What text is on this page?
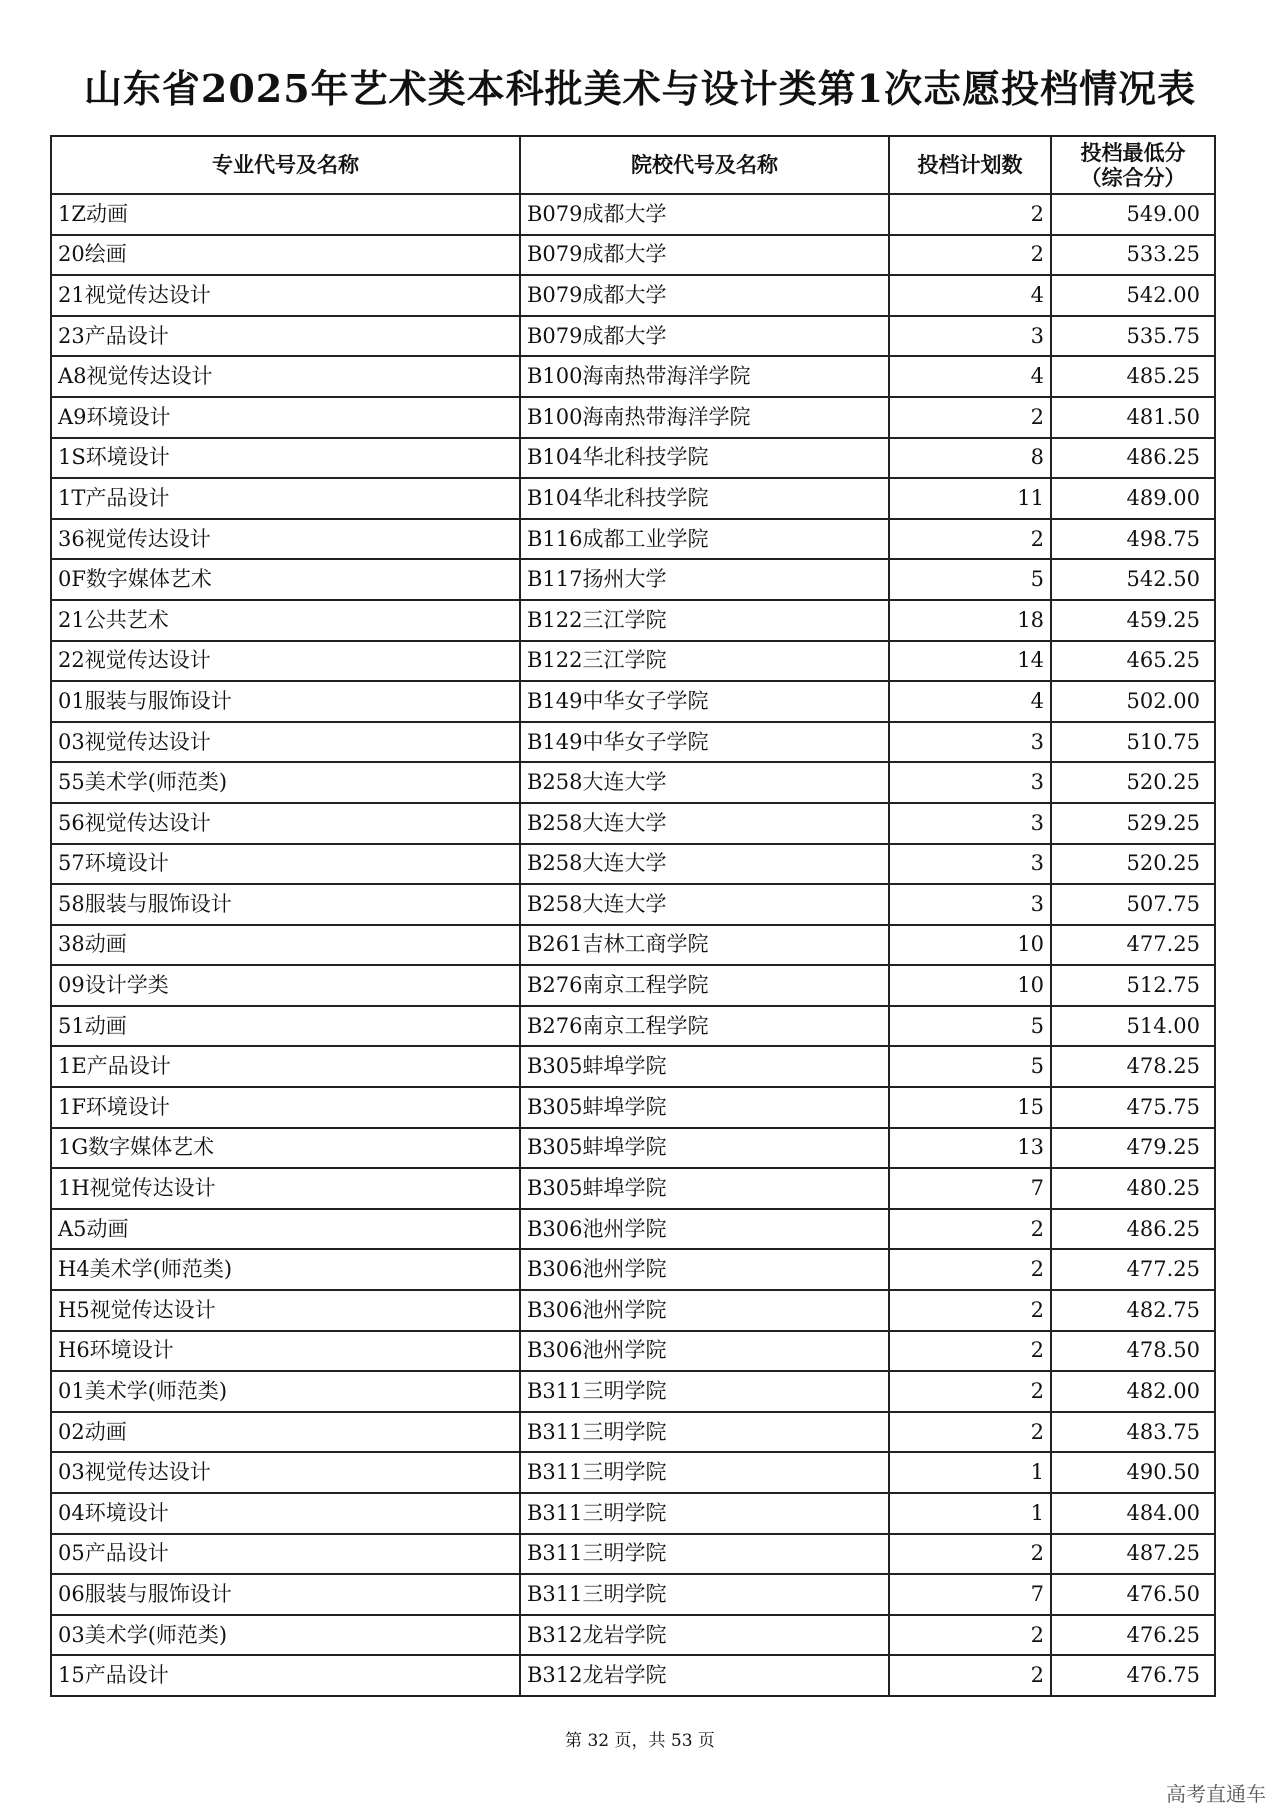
山东省2025年艺术类本科批美术与设计类第1次志愿投档情况表
专业代号及名称	院校代号及名称	投档计划数	投档最低分
（综合分）

1Z动画	B079成都大学	2	549.00
20绘画	B079成都大学	2	533.25
21视觉传达设计	B079成都大学	4	542.00
23产品设计	B079成都大学	3	535.75
A8视觉传达设计	B100海南热带海洋学院	4	485.25
A9环境设计	B100海南热带海洋学院	2	481.50
1S环境设计	B104华北科技学院	8	486.25
1T产品设计	B104华北科技学院	11	489.00
36视觉传达设计	B116成都工业学院	2	498.75
0F数字媒体艺术	B117扬州大学	5	542.50
21公共艺术	B122三江学院	18	459.25
22视觉传达设计	B122三江学院	14	465.25
01服装与服饰设计	B149中华女子学院	4	502.00
03视觉传达设计	B149中华女子学院	3	510.75
55美术学(师范类)	B258大连大学	3	520.25
56视觉传达设计	B258大连大学	3	529.25
57环境设计	B258大连大学	3	520.25
58服装与服饰设计	B258大连大学	3	507.75
38动画	B261吉林工商学院	10	477.25
09设计学类	B276南京工程学院	10	512.75
51动画	B276南京工程学院	5	514.00
1E产品设计	B305蚌埠学院	5	478.25
1F环境设计	B305蚌埠学院	15	475.75
1G数字媒体艺术	B305蚌埠学院	13	479.25
1H视觉传达设计	B305蚌埠学院	7	480.25
A5动画	B306池州学院	2	486.25
H4美术学(师范类)	B306池州学院	2	477.25
H5视觉传达设计	B306池州学院	2	482.75
H6环境设计	B306池州学院	2	478.50
01美术学(师范类)	B311三明学院	2	482.00
02动画	B311三明学院	2	483.75
03视觉传达设计	B311三明学院	1	490.50
04环境设计	B311三明学院	1	484.00
05产品设计	B311三明学院	2	487.25
06服装与服饰设计	B311三明学院	7	476.50
03美术学(师范类)	B312龙岩学院	2	476.25
15产品设计	B312龙岩学院	2	476.75
第 32 页，共 53 页
高考直通车
